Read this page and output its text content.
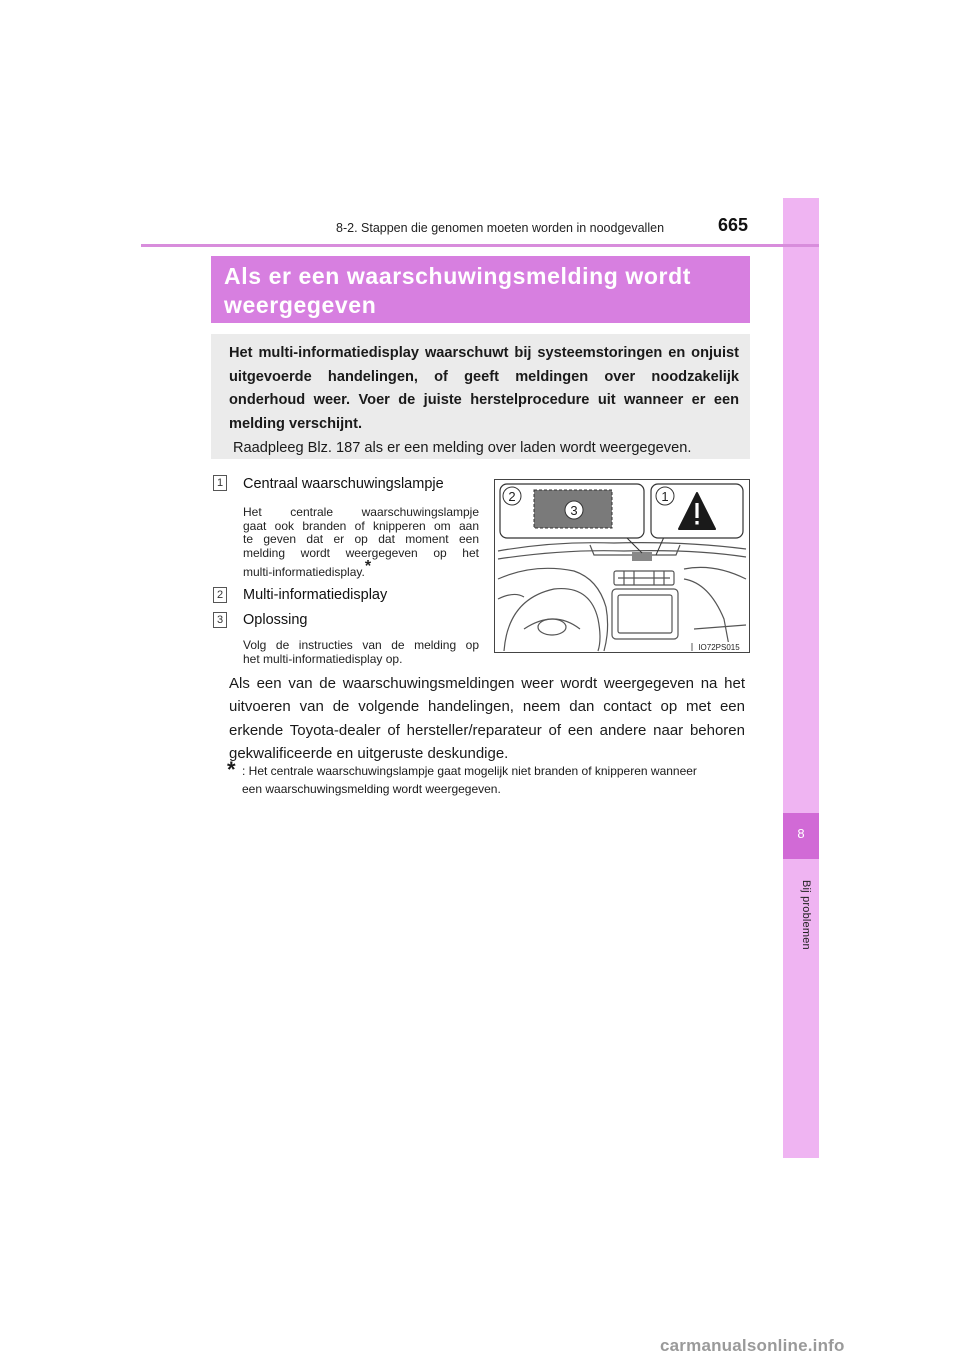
8
Bij problemen
8-2. Stappen die genomen moeten worden in noodgevallen	665
Als er een waarschuwingsmelding wordt
weergegeven
Het multi-informatiedisplay waarschuwt bij systeemstoringen en onjuist uitgevoerde handelingen, of geeft meldingen over noodzakelijk onderhoud weer. Voer de juiste herstelprocedure uit wanneer er een melding verschijnt.
Raadpleeg Blz. 187 als er een melding over laden wordt weergegeven.
1 Centraal waarschuwingslampje
Het centrale waarschuwingslampje
gaat ook branden of knipperen om aan
te geven dat er op dat moment een
melding wordt weergegeven op het
multi-informatiedisplay.*
2 Multi-informatiedisplay
3 Oplossing
Volg de instructies van de melding op
het multi-informatiedisplay op.
3
2	1
IO72PS015
Als een van de waarschuwingsmeldingen weer wordt weergegeven na het uitvoeren van de volgende handelingen, neem dan contact op met een erkende Toyota-dealer of hersteller/reparateur of een andere naar behoren gekwalificeerde en uitgeruste deskundige.
* : Het centrale waarschuwingslampje gaat mogelijk niet branden of knipperen wanneer
een waarschuwingsmelding wordt weergegeven.
carmanualsonline.info
